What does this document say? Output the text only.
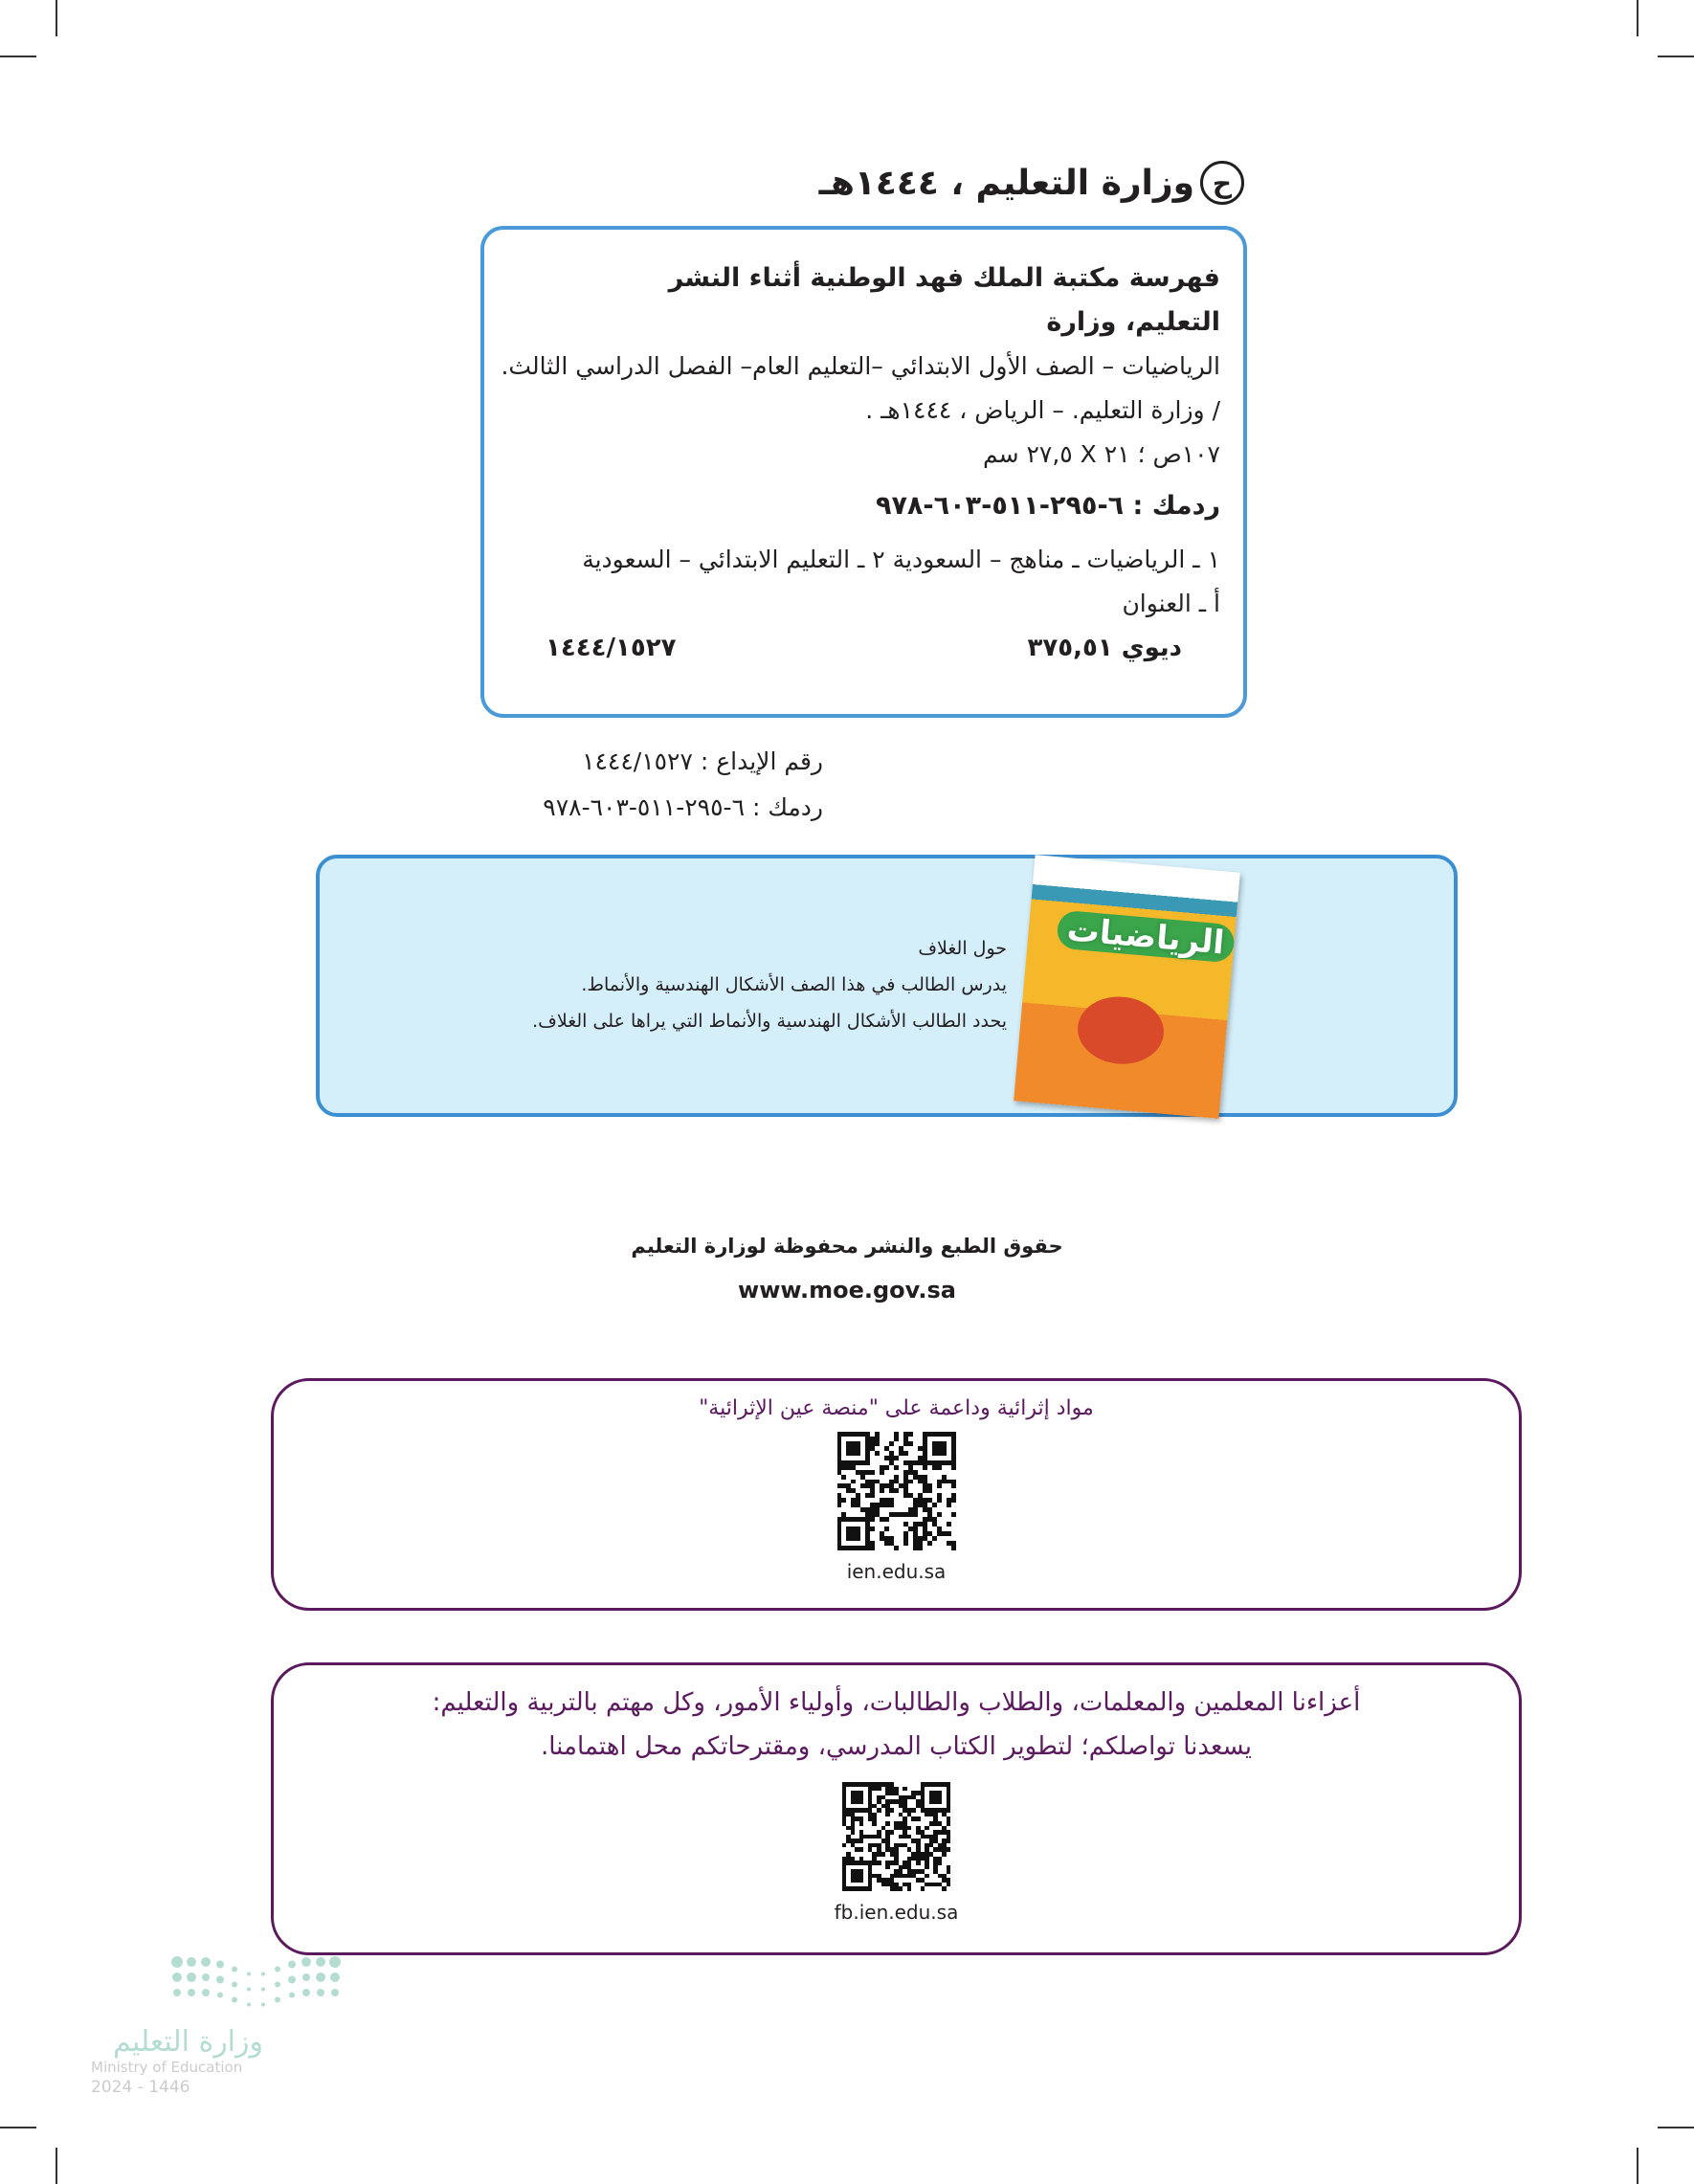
ح
وزارة التعليم ، ١٤٤٤هـ
فهرسة مكتبة الملك فهد الوطنية أثناء النشر
التعليم، وزارة
الرياضيات – الصف الأول الابتدائي –التعليم العام– الفصل الدراسي الثالث.
/ وزارة التعليم. – الرياض ، ١٤٤٤هـ .
١٠٧ص ؛ ٢١ X ٢٧,٥ سم
ردمك : ٦-٢٩٥-٥١١-٦٠٣-٩٧٨
١ ـ الرياضيات ـ مناهج – السعودية ٢ ـ التعليم الابتدائي – السعودية
أ ـ العنوان
ديوي ٣٧٥,٥١
١٤٤٤/١٥٢٧
رقم الإيداع : ١٤٤٤/١٥٢٧
ردمك : ٦-٢٩٥-٥١١-٦٠٣-٩٧٨
الرياضيات
حول الغلاف
يدرس الطالب في هذا الصف الأشكال الهندسية والأنماط.
يحدد الطالب الأشكال الهندسية والأنماط التي يراها على الغلاف.
حقوق الطبع والنشر محفوظة لوزارة التعليم
www.moe.gov.sa
مواد إثرائية وداعمة على "منصة عين الإثرائية"
ien.edu.sa
أعزاءنا المعلمين والمعلمات، والطلاب والطالبات، وأولياء الأمور، وكل مهتم بالتربية والتعليم:
يسعدنا تواصلكم؛ لتطوير الكتاب المدرسي، ومقترحاتكم محل اهتمامنا.
fb.ien.edu.sa
وزارة التعليم
Ministry of Education
2024 - 1446
